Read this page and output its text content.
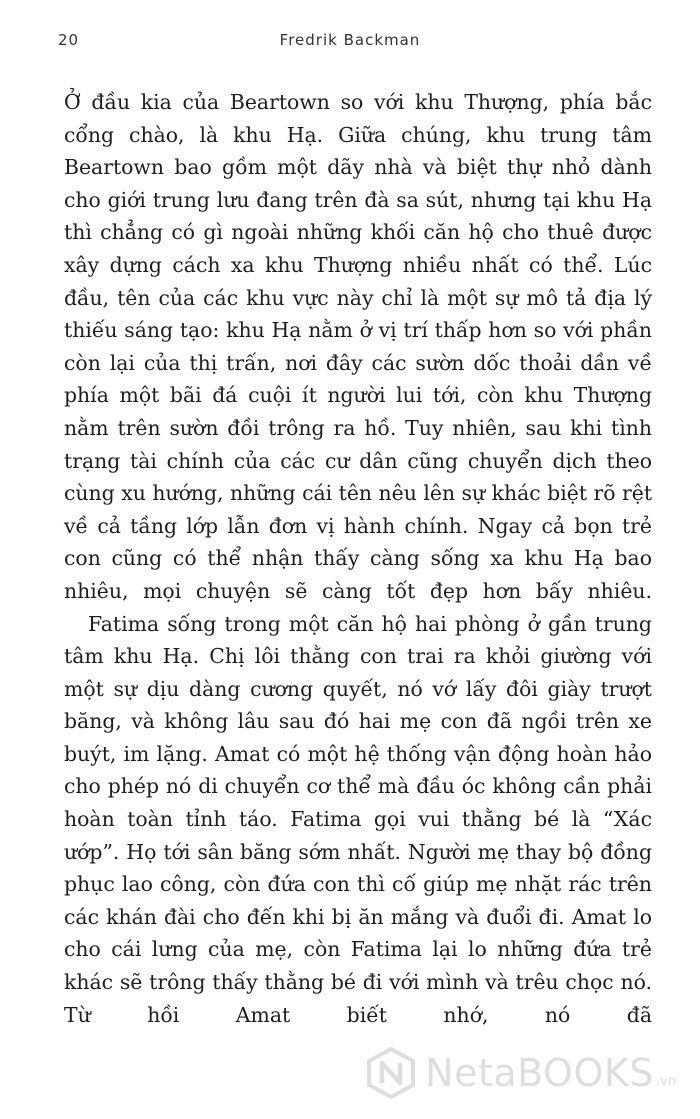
20	Fredrik Backman

Ở đầu kia của Beartown so với khu Thượng, phía bắc cổng chào, là khu Hạ. Giữa chúng, khu trung tâm Beartown bao gồm một dãy nhà và biệt thự nhỏ dành cho giới trung lưu đang trên đà sa sút, nhưng tại khu Hạ thì chẳng có gì ngoài những khối căn hộ cho thuê được xây dựng cách xa khu Thượng nhiều nhất có thể. Lúc đầu, tên của các khu vực này chỉ là một sự mô tả địa lý thiếu sáng tạo: khu Hạ nằm ở vị trí thấp hơn so với phần còn lại của thị trấn, nơi đây các sườn dốc thoải dần về phía một bãi đá cuội ít người lui tới, còn khu Thượng nằm trên sườn đồi trông ra hồ. Tuy nhiên, sau khi tình trạng tài chính của các cư dân cũng chuyển dịch theo cùng xu hướng, những cái tên nêu lên sự khác biệt rõ rệt về cả tầng lớp lẫn đơn vị hành chính. Ngay cả bọn trẻ con cũng có thể nhận thấy càng sống xa khu Hạ bao nhiêu, mọi chuyện sẽ càng tốt đẹp hơn bấy nhiêu.

Fatima sống trong một căn hộ hai phòng ở gần trung tâm khu Hạ. Chị lôi thằng con trai ra khỏi giường với một sự dịu dàng cương quyết, nó vớ lấy đôi giày trượt băng, và không lâu sau đó hai mẹ con đã ngồi trên xe buýt, im lặng. Amat có một hệ thống vận động hoàn hảo cho phép nó di chuyển cơ thể mà đầu óc không cần phải hoàn toàn tỉnh táo. Fatima gọi vui thằng bé là “Xác ướp”. Họ tới sân băng sớm nhất. Người mẹ thay bộ đồng phục lao công, còn đứa con thì cố giúp mẹ nhặt rác trên các khán đài cho đến khi bị ăn mắng và đuổi đi. Amat lo cho cái lưng của mẹ, còn Fatima lại lo những đứa trẻ khác sẽ trông thấy thằng bé đi với mình và trêu chọc nó. Từ hồi Amat biết nhớ, nó đã

NetaBOOKS .vn
